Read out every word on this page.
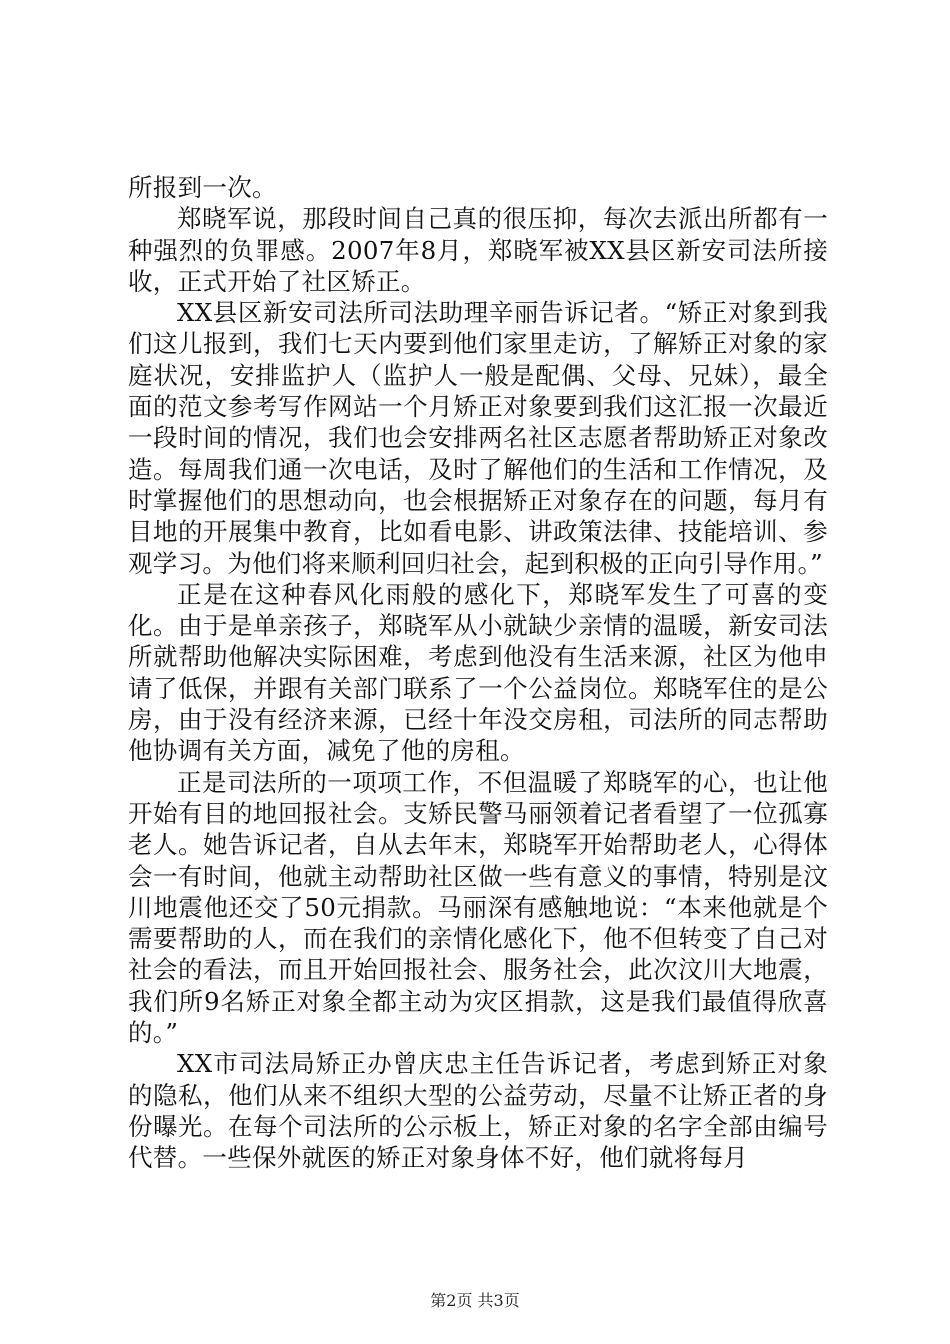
所报到一次。

郑晓军说，那段时间自己真的很压抑，每次去派出所都有一种强烈的负罪感。2007年8月，郑晓军被XX县区新安司法所接收，正式开始了社区矫正。

XX县区新安司法所司法助理辛丽告诉记者。“矫正对象到我们这儿报到，我们七天内要到他们家里走访，了解矫正对象的家庭状况，安排监护人（监护人一般是配偶、父母、兄妹），最全面的范文参考写作网站一个月矫正对象要到我们这汇报一次最近一段时间的情况，我们也会安排两名社区志愿者帮助矫正对象改造。每周我们通一次电话，及时了解他们的生活和工作情况，及时掌握他们的思想动向，也会根据矫正对象存在的问题，每月有目地的开展集中教育，比如看电影、讲政策法律、技能培训、参观学习。为他们将来顺利回归社会，起到积极的正向引导作用。”

正是在这种春风化雨般的感化下，郑晓军发生了可喜的变化。由于是单亲孩子，郑晓军从小就缺少亲情的温暖，新安司法所就帮助他解决实际困难，考虑到他没有生活来源，社区为他申请了低保，并跟有关部门联系了一个公益岗位。郑晓军住的是公房，由于没有经济来源，已经十年没交房租，司法所的同志帮助他协调有关方面，减免了他的房租。

正是司法所的一项项工作，不但温暖了郑晓军的心，也让他开始有目的地回报社会。支矫民警马丽领着记者看望了一位孤寡老人。她告诉记者，自从去年末，郑晓军开始帮助老人，心得体会一有时间，他就主动帮助社区做一些有意义的事情，特别是汶川地震他还交了50元捐款。马丽深有感触地说：“本来他就是个需要帮助的人，而在我们的亲情化感化下，他不但转变了自己对社会的看法，而且开始回报社会、服务社会，此次汶川大地震，我们所9名矫正对象全都主动为灾区捐款，这是我们最值得欣喜的。”

XX市司法局矫正办曾庆忠主任告诉记者，考虑到矫正对象的隐私，他们从来不组织大型的公益劳动，尽量不让矫正者的身份曝光。在每个司法所的公示板上，矫正对象的名字全部由编号代替。一些保外就医的矫正对象身体不好，他们就将每月

第2页 共3页
